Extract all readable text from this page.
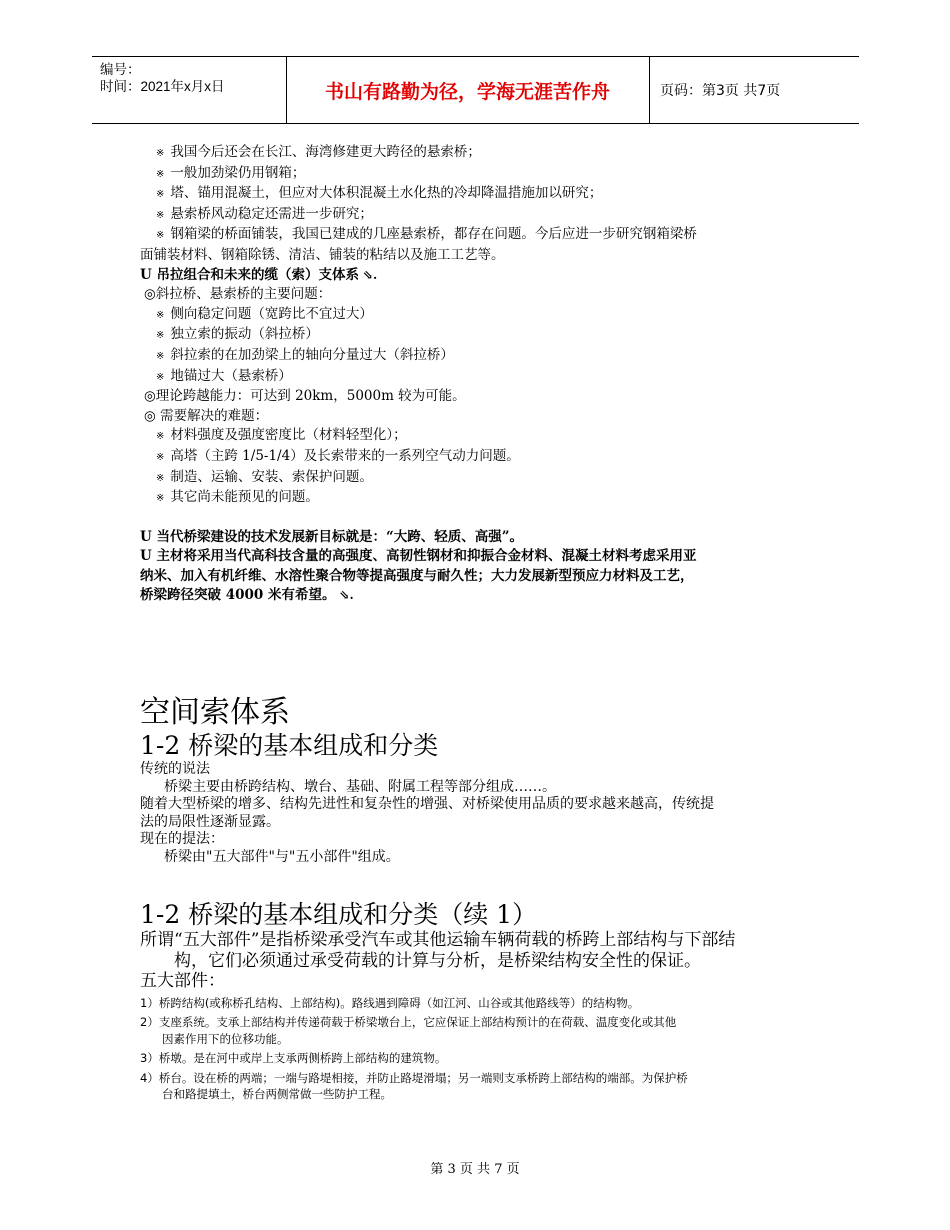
编号：
时间：2021年x月x日	书山有路勤为径，学海无涯苦作舟	页码：第3页 共7页
※ 我国今后还会在长江、海湾修建更大跨径的悬索桥；
※ 一般加劲梁仍用钢箱；
※ 塔、锚用混凝土，但应对大体积混凝土水化热的冷却降温措施加以研究；
※ 悬索桥风动稳定还需进一步研究；
※ 钢箱梁的桥面铺装，我国已建成的几座悬索桥，都存在问题。今后应进一步研究钢箱梁桥
面铺装材料、钢箱除锈、清洁、铺装的粘结以及施工工艺等。
U 吊拉组合和未来的缆（索）支体系 ⇘.
◎斜拉桥、悬索桥的主要问题：
※ 侧向稳定问题（宽跨比不宜过大）
※ 独立索的振动（斜拉桥）
※ 斜拉索的在加劲梁上的轴向分量过大（斜拉桥）
※ 地锚过大（悬索桥）
◎理论跨越能力：可达到 20km，5000m 较为可能。
◎ 需要解决的难题：
※ 材料强度及强度密度比（材料轻型化）；
※ 高塔（主跨 1/5-1/4）及长索带来的一系列空气动力问题。
※ 制造、运输、安装、索保护问题。
※ 其它尚未能预见的问题。
U 当代桥梁建设的技术发展新目标就是：“大跨、轻质、高强”。
U 主材将采用当代高科技含量的高强度、高韧性钢材和抑振合金材料、混凝土材料考虑采用亚
纳米、加入有机纤维、水溶性聚合物等提高强度与耐久性；大力发展新型预应力材料及工艺，
桥梁跨径突破 4000 米有希望。 ⇘.
空间索体系
1-2 桥梁的基本组成和分类
传统的说法
桥梁主要由桥跨结构、墩台、基础、附属工程等部分组成……。
随着大型桥梁的增多、结构先进性和复杂性的增强、对桥梁使用品质的要求越来越高，传统提
法的局限性逐渐显露。
现在的提法：
桥梁由"五大部件"与"五小部件"组成。
1-2 桥梁的基本组成和分类（续 1）
所谓“五大部件”是指桥梁承受汽车或其他运输车辆荷载的桥跨上部结构与下部结
构，它们必须通过承受荷载的计算与分析，是桥梁结构安全性的保证。
五大部件：
1）桥跨结构(或称桥孔结构、上部结构)。路线遇到障碍（如江河、山谷或其他路线等）的结构物。
2）支座系统。支承上部结构并传递荷载于桥梁墩台上，它应保证上部结构预计的在荷载、温度变化或其他
因素作用下的位移功能。
3）桥墩。是在河中或岸上支承两侧桥跨上部结构的建筑物。
4）桥台。设在桥的两端；一端与路堤相接，并防止路堤滑塌；另一端则支承桥跨上部结构的端部。为保护桥
台和路提填土，桥台两侧常做一些防护工程。
第 3 页 共 7 页
